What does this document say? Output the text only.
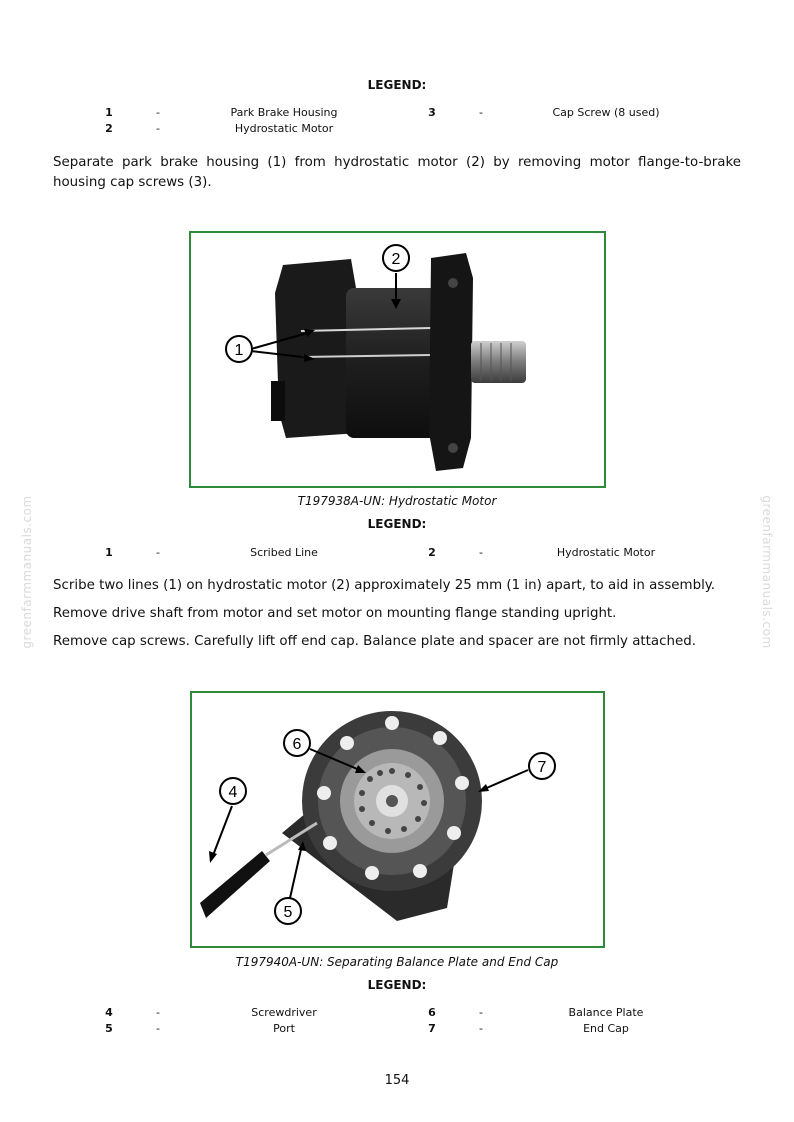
LEGEND:
1	-	Park Brake Housing	3	-	Cap Screw (8 used)
2	-	Hydrostatic Motor

Separate park brake housing (1) from hydrostatic motor (2) by removing motor flange-to-brake housing cap screws (3).

1
2
T197938A-UN: Hydrostatic Motor
LEGEND:
1	-	Scribed Line	2	-	Hydrostatic Motor

Scribe two lines (1) on hydrostatic motor (2) approximately 25 mm (1 in) apart, to aid in assembly.

Remove drive shaft from motor and set motor on mounting flange standing upright.

Remove cap screws. Carefully lift off end cap. Balance plate and spacer are not firmly attached.

4
5
6
7
T197940A-UN: Separating Balance Plate and End Cap
LEGEND:
4	-	Screwdriver	6	-	Balance Plate
5	-	Port	7	-	End Cap
greenfarmmanuals.com	greenfarmmanuals.com
154
